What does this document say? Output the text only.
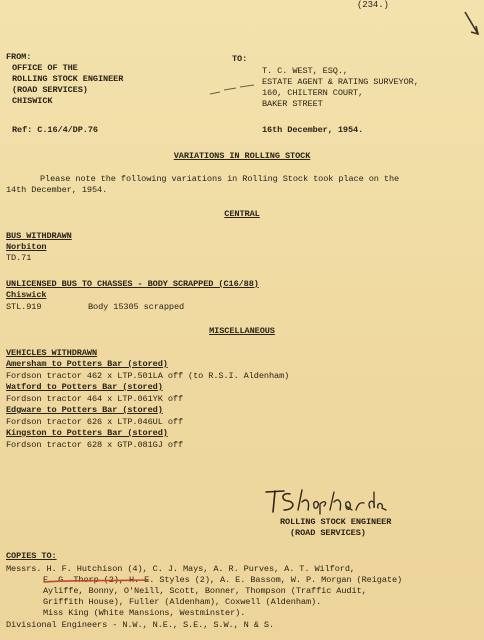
(234.)
FROM:
OFFICE OF THE
ROLLING STOCK ENGINEER
(ROAD SERVICES)
CHISWICK
TO:
T. C. WEST, ESQ.,
ESTATE AGENT & RATING SURVEYOR,
160, CHILTERN COURT,
BAKER STREET
Ref: C.16/4/DP.76	16th December, 1954.
VARIATIONS IN ROLLING STOCK
Please note the following variations in Rolling Stock took place on the
14th December, 1954.
CENTRAL
BUS WITHDRAWN
Norbiton
TD.71
UNLICENSED BUS TO CHASSES - BODY SCRAPPED (C16/88)
Chiswick
STL.919	Body 15305 scrapped
MISCELLANEOUS
VEHICLES WITHDRAWN
Amersham to Potters Bar (stored)
Fordson tractor 462 x LTP.501LA off (to R.S.I. Aldenham)
Watford to Potters Bar (stored)
Fordson tractor 464 x LTP.061YK off
Edgware to Potters Bar (stored)
Fordson tractor 626 x LTP.046UL off
Kingston to Potters Bar (stored)
Fordson tractor 628 x GTP.081GJ off
ROLLING STOCK ENGINEER
(ROAD SERVICES)
COPIES TO:
Messrs. H. F. Hutchison (4), C. J. Mays, A. R. Purves, A. T. Wilford,
E. G. Thorp (2), H. E. Styles (2), A. E. Bassom, W. P. Morgan (Reigate)
Ayliffe, Bonny, O'Neill, Scott, Bonner, Thompson (Traffic Audit,
Griffith House), Fuller (Aldenham), Coxwell (Aldenham).
Miss King (White Mansions, Westminster).
Divisional Engineers - N.W., N.E., S.E., S.W., N & S.
